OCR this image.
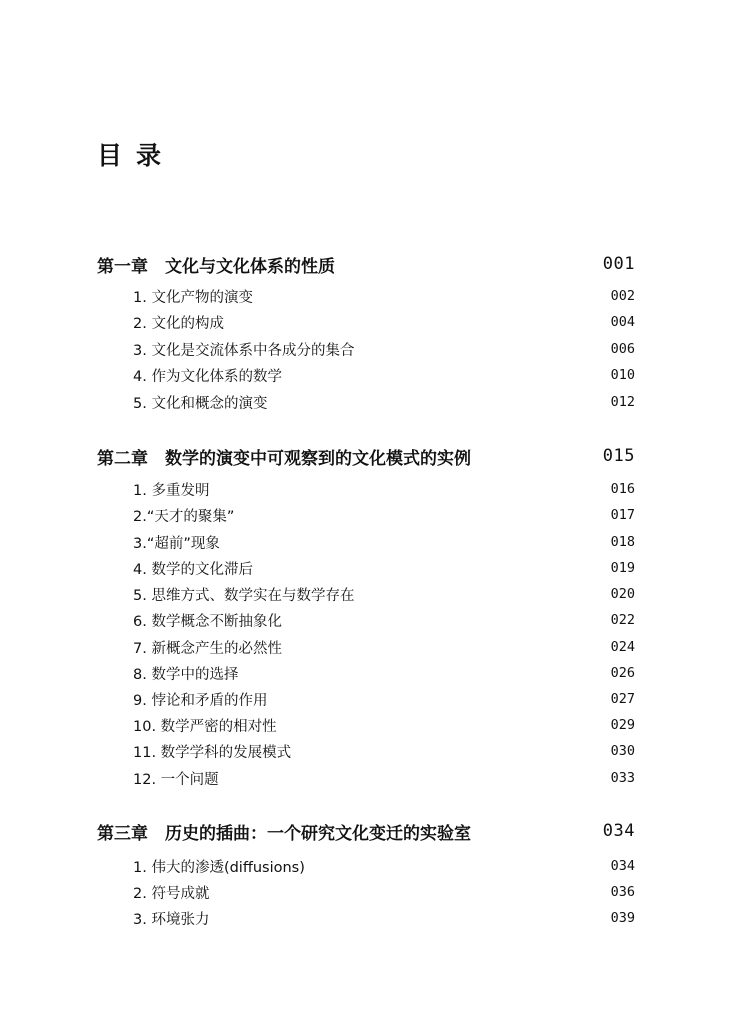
目录
第一章　文化与文化体系的性质	001
1. 文化产物的演变	002
2. 文化的构成	004
3. 文化是交流体系中各成分的集合	006
4. 作为文化体系的数学	010
5. 文化和概念的演变	012
第二章　数学的演变中可观察到的文化模式的实例	015
1. 多重发明	016
2.“天才的聚集”	017
3.“超前”现象	018
4. 数学的文化滞后	019
5. 思维方式、数学实在与数学存在	020
6. 数学概念不断抽象化	022
7. 新概念产生的必然性	024
8. 数学中的选择	026
9. 悖论和矛盾的作用	027
10. 数学严密的相对性	029
11. 数学学科的发展模式	030
12. 一个问题	033
第三章　历史的插曲：一个研究文化变迁的实验室	034
1. 伟大的渗透(diffusions)	034
2. 符号成就	036
3. 环境张力	039
